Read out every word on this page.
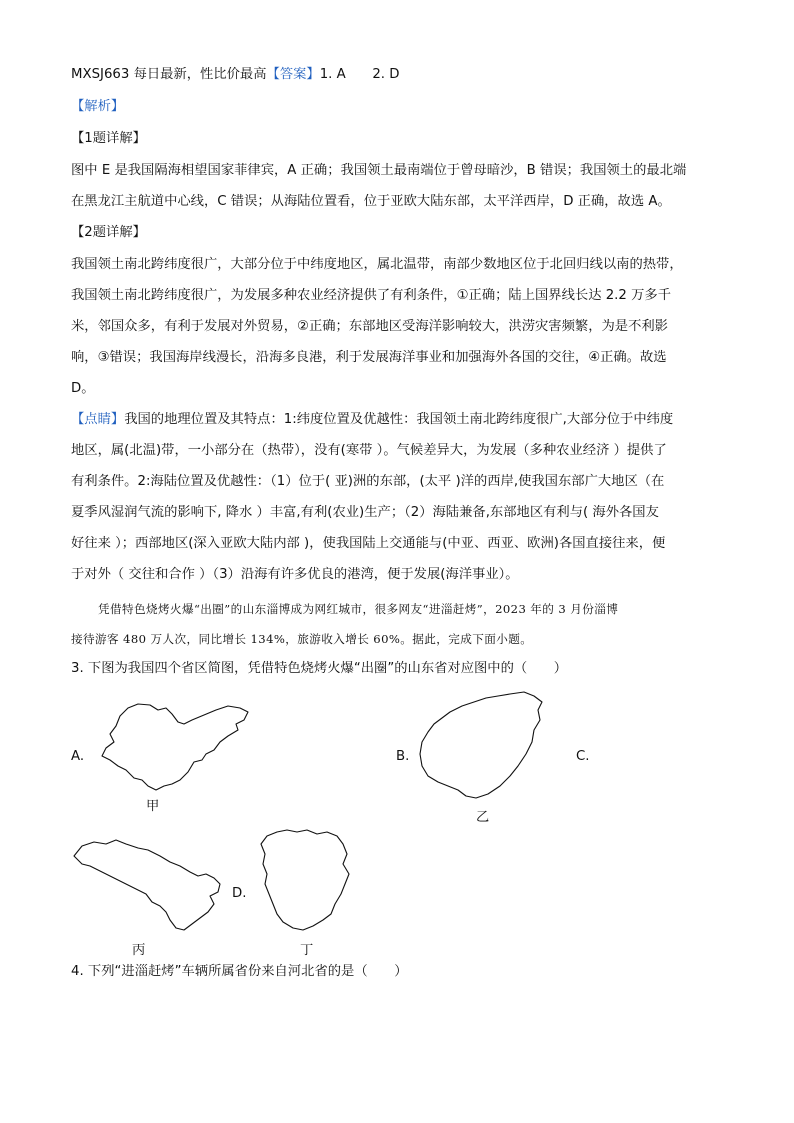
MXSJ663 每日最新，性比价最高【答案】1. A　　2. D
【解析】
【1题详解】
图中 E 是我国隔海相望国家菲律宾，A 正确；我国领土最南端位于曾母暗沙，B 错误；我国领土的最北端
在黑龙江主航道中心线，C 错误；从海陆位置看，位于亚欧大陆东部，太平洋西岸，D 正确，故选 A。
【2题详解】
我国领土南北跨纬度很广，大部分位于中纬度地区，属北温带，南部少数地区位于北回归线以南的热带，
我国领土南北跨纬度很广，为发展多种农业经济提供了有利条件，①正确；陆上国界线长达 2.2 万多千
米，邻国众多，有利于发展对外贸易，②正确；东部地区受海洋影响较大，洪涝灾害频繁，为是不利影
响，③错误；我国海岸线漫长，沿海多良港，利于发展海洋事业和加强海外各国的交往，④正确。故选
D。
【点睛】我国的地理位置及其特点：1:纬度位置及优越性：我国领土南北跨纬度很广,大部分位于中纬度
地区，属(北温)带，一小部分在（热带），没有(寒带 ）。气候差异大，为发展（多种农业经济 ）提供了
有利条件。2:海陆位置及优越性：（1）位于( 亚)洲的东部，(太平 )洋的西岸,使我国东部广大地区（在
夏季风湿润气流的影响下, 降水 ）丰富,有利(农业)生产；（2）海陆兼备,东部地区有利与( 海外各国友
好往来 ）；西部地区(深入亚欧大陆内部 )，使我国陆上交通能与(中亚、西亚、欧洲)各国直接往来，便
于对外（ 交往和合作 ）（3）沿海有许多优良的港湾，便于发展(海洋事业）。
凭借特色烧烤火爆“出圈”的山东淄博成为网红城市，很多网友“进淄赶烤”，2023 年的 3 月份淄博
接待游客 480 万人次，同比增长 134%，旅游收入增长 60%。据此，完成下面小题。
3. 下图为我国四个省区简图，凭借特色烧烤火爆“出圈”的山东省对应图中的（　　）
A.
甲
B.	C.
乙
丙
D.
丁
4. 下列“进淄赶烤”车辆所属省份来自河北省的是（　　）
